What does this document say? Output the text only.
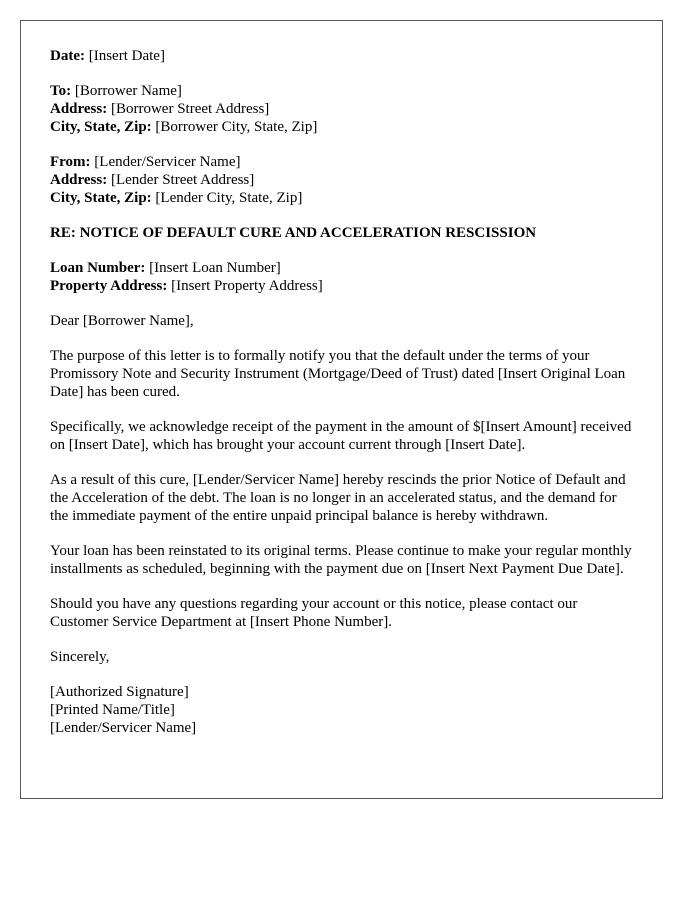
Date: [Insert Date]

To: [Borrower Name]
Address: [Borrower Street Address]
City, State, Zip: [Borrower City, State, Zip]

From: [Lender/Servicer Name]
Address: [Lender Street Address]
City, State, Zip: [Lender City, State, Zip]

RE: NOTICE OF DEFAULT CURE AND ACCELERATION RESCISSION

Loan Number: [Insert Loan Number]
Property Address: [Insert Property Address]

Dear [Borrower Name],

The purpose of this letter is to formally notify you that the default under the terms of your Promissory Note and Security Instrument (Mortgage/Deed of Trust) dated [Insert Original Loan Date] has been cured.

Specifically, we acknowledge receipt of the payment in the amount of $[Insert Amount] received on [Insert Date], which has brought your account current through [Insert Date].

As a result of this cure, [Lender/Servicer Name] hereby rescinds the prior Notice of Default and the Acceleration of the debt. The loan is no longer in an accelerated status, and the demand for the immediate payment of the entire unpaid principal balance is hereby withdrawn.

Your loan has been reinstated to its original terms. Please continue to make your regular monthly installments as scheduled, beginning with the payment due on [Insert Next Payment Due Date].

Should you have any questions regarding your account or this notice, please contact our Customer Service Department at [Insert Phone Number].

Sincerely,

[Authorized Signature]
[Printed Name/Title]
[Lender/Servicer Name]
